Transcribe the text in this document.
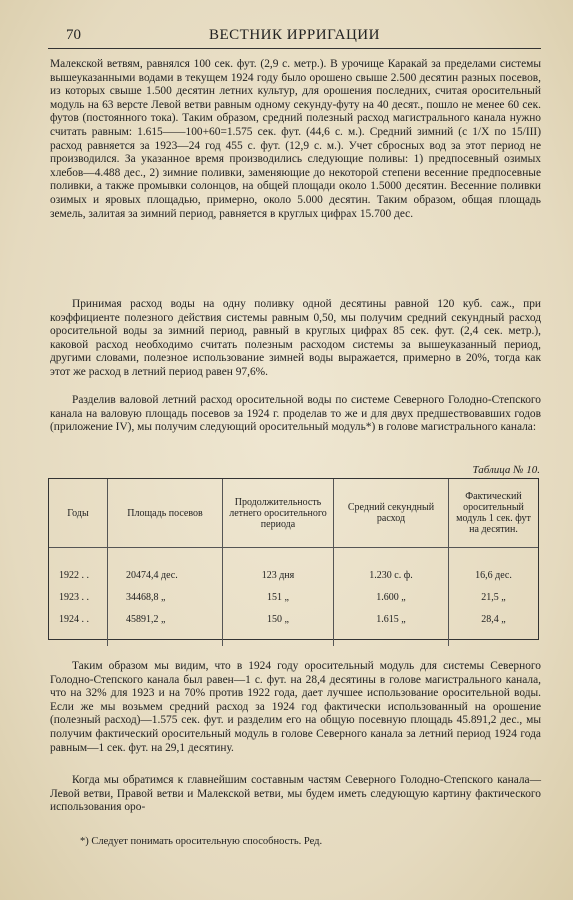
70	ВЕСТНИК ИРРИГАЦИИ
Малекской ветвям, равнялся 100 сек. фут. (2,9 с. метр.). В урочище Каракай за пределами системы вышеуказанными водами в текущем 1924 году было орошено свыше 2.500 десятин разных посевов, из которых свыше 1.500 десятин летних культур, для орошения последних, считая оросительный модуль на 63 версте Левой ветви равным одному секунду-футу на 40 десят., пошло не менее 60 сек. футов (постоянного тока). Таким образом, средний полезный расход магистрального канала нужно считать равным: 1.615——100+60=1.575 сек. фут. (44,6 с. м.). Средний зимний (с 1/X по 15/III) расход равняется за 1923—24 год 455 с. фут. (12,9 с. м.). Учет сбросных вод за этот период не производился. За указанное время производились следующие поливы: 1) предпосевный озимых хлебов—4.488 дес., 2) зимние поливки, заменяющие до некоторой степени весенние предпосевные поливки, а также промывки солонцов, на общей площади около 1.5000 десятин. Весенние поливки озимых и яровых площадью, примерно, около 5.000 десятин. Таким образом, общая площадь земель, залитая за зимний период, равняется в круглых цифрах 15.700 дес.
Принимая расход воды на одну поливку одной десятины равной 120 куб. саж., при коэффициенте полезного действия системы равным 0,50, мы получим средний секундный расход оросительной воды за зимний период, равный в круглых цифрах 85 сек. фут. (2,4 сек. метр.), каковой расход необходимо считать полезным расходом системы за вышеуказанный период, другими словами, полезное использование зимней воды выражается, примерно в 20%, тогда как этот же расход в летний период равен 97,6%.
Разделив валовой летний расход оросительной воды по системе Северного Голодно-Степского канала на валовую площадь посевов за 1924 г. проделав то же и для двух предшествовавших годов (приложение IV), мы получим следующий оросительный модуль*) в голове магистрального канала:
Таблица № 10.
Годы	Площадь посевов	Продолжительность летнего оросительного периода	Средний секундный расход	Фактический оросительный модуль 1 сек. фут на десятин.

1922 . .	20474,4 дес.	123 дня	1.230 с. ф.	16,6 дес.
1923 . .	34468,8 „	151 „	1.600 „	21,5 „
1924 . .	45891,2 „	150 „	1.615 „	28,4 „

Таким образом мы видим, что в 1924 году оросительный модуль для системы Северного Голодно-Степского канала был равен—1 с. фут. на 28,4 десятины в голове магистрального канала, что на 32% для 1923 и на 70% против 1922 года, дает лучшее использование оросительной воды. Если же мы возьмем средний расход за 1924 год фактически использованный на орошение (полезный расход)—1.575 сек. фут. и разделим его на общую посевную площадь 45.891,2 дес., мы получим фактический оросительный модуль в голове Северного канала за летний период 1924 года равным—1 сек. фут. на 29,1 десятину.
Когда мы обратимся к главнейшим составным частям Северного Голодно-Степского канала—Левой ветви, Правой ветви и Малекской ветви, мы будем иметь следующую картину фактического использования оро-
*) Следует понимать оросительную способность. Ред.
